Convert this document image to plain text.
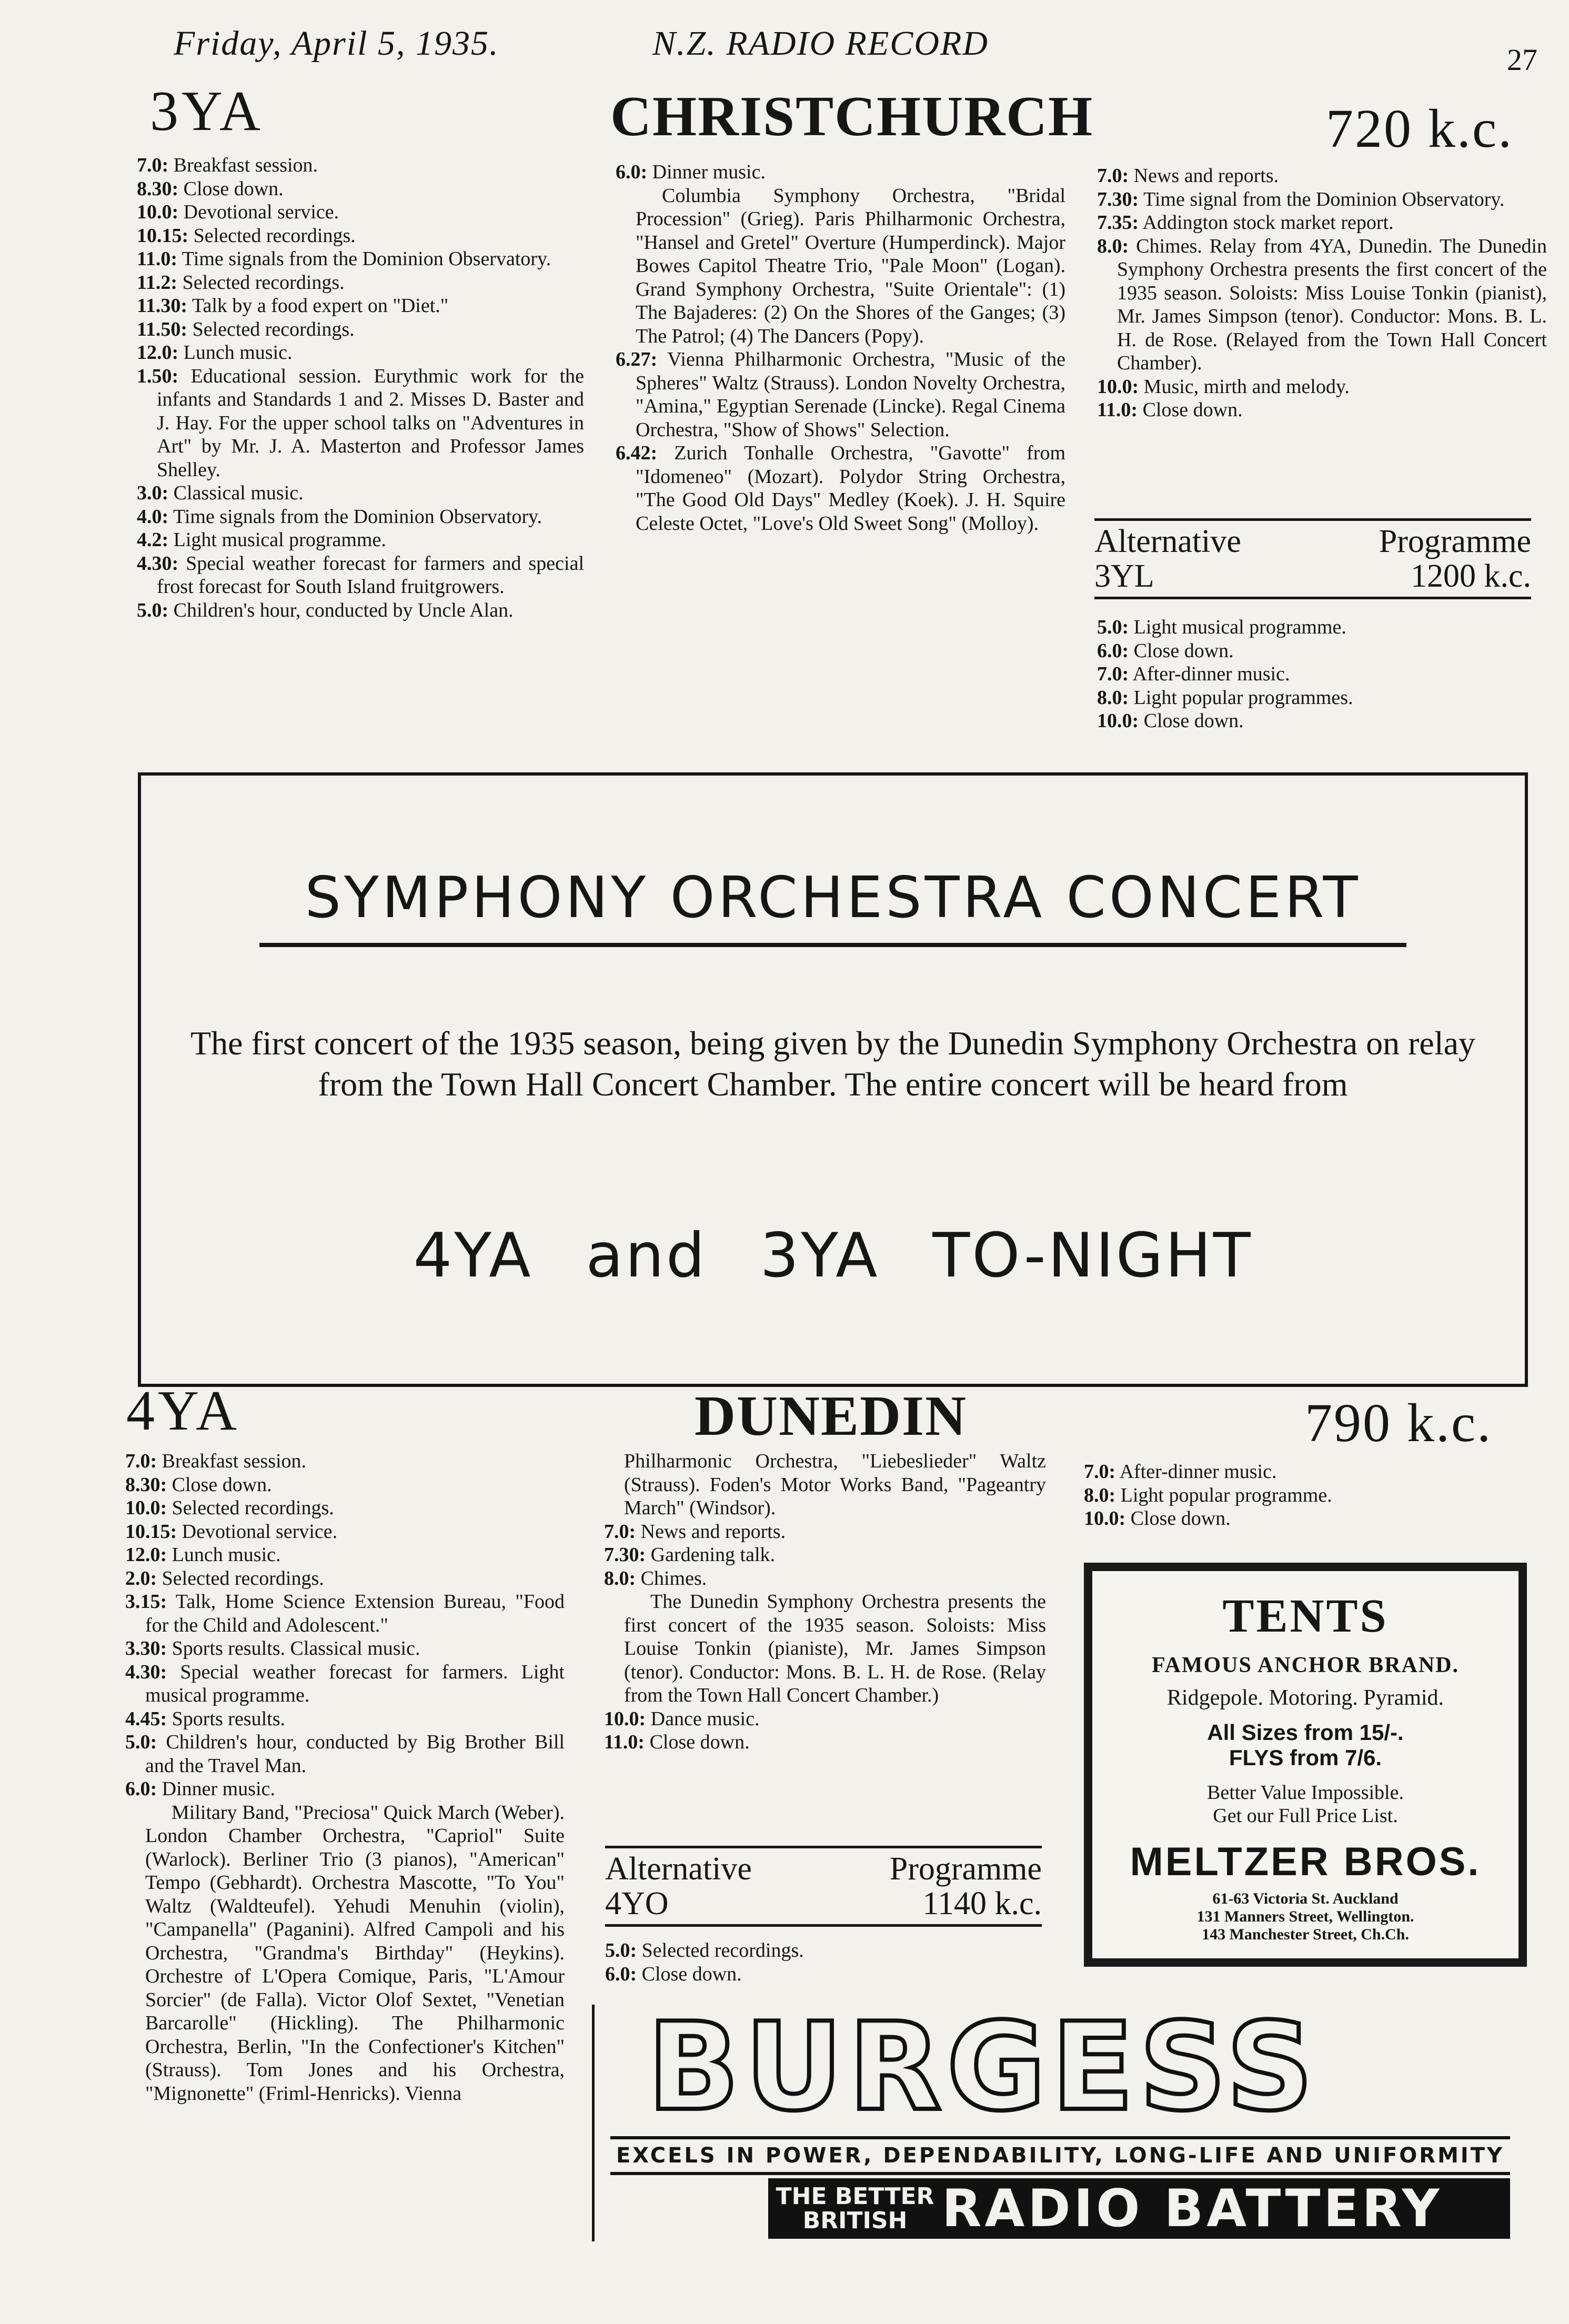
Friday, April 5, 1935.	N.Z. RADIO RECORD	27
3YA	CHRISTCHURCH	720 k.c.

7.0: Breakfast session.

8.30: Close down.

10.0: Devotional service.

10.15: Selected recordings.

11.0: Time signals from the Dominion Observatory.

11.2: Selected recordings.

11.30: Talk by a food expert on "Diet."

11.50: Selected recordings.

12.0: Lunch music.

1.50: Educational session. Eurythmic work for the infants and Standards 1 and 2. Misses D. Baster and J. Hay. For the upper school talks on "Adventures in Art" by Mr. J. A. Masterton and Professor James Shelley.

3.0: Classical music.

4.0: Time signals from the Dominion Observatory.

4.2: Light musical programme.

4.30: Special weather forecast for farmers and special frost forecast for South Island fruitgrowers.

5.0: Children's hour, conducted by Uncle Alan.

6.0: Dinner music.

Columbia Symphony Orchestra, "Bridal Procession" (Grieg). Paris Philharmonic Orchestra, "Hansel and Gretel" Overture (Humperdinck). Major Bowes Capitol Theatre Trio, "Pale Moon" (Logan). Grand Symphony Orchestra, "Suite Orientale": (1) The Bajaderes: (2) On the Shores of the Ganges; (3) The Patrol; (4) The Dancers (Popy).

6.27: Vienna Philharmonic Orchestra, "Music of the Spheres" Waltz (Strauss). London Novelty Orchestra, "Amina," Egyptian Serenade (Lincke). Regal Cinema Orchestra, "Show of Shows" Selection.

6.42: Zurich Tonhalle Orchestra, "Gavotte" from "Idomeneo" (Mozart). Polydor String Orchestra, "The Good Old Days" Medley (Koek). J. H. Squire Celeste Octet, "Love's Old Sweet Song" (Molloy).

7.0: News and reports.

7.30: Time signal from the Dominion Observatory.

7.35: Addington stock market report.

8.0: Chimes. Relay from 4YA, Dunedin. The Dunedin Symphony Orchestra presents the first concert of the 1935 season. Soloists: Miss Louise Tonkin (pianist), Mr. James Simpson (tenor). Conductor: Mons. B. L. H. de Rose. (Relayed from the Town Hall Concert Chamber).

10.0: Music, mirth and melody.

11.0: Close down.

Alternative	Programme
3YL	1200 k.c.

5.0: Light musical programme.

6.0: Close down.

7.0: After-dinner music.

8.0: Light popular programmes.

10.0: Close down.

SYMPHONY ORCHESTRA CONCERT
The first concert of the 1935 season, being given by the Dunedin Symphony Orchestra on relay from the Town Hall Concert Chamber. The entire concert will be heard from
4YA and 3YA TO-NIGHT
4YA	DUNEDIN	790 k.c.

7.0: Breakfast session.

8.30: Close down.

10.0: Selected recordings.

10.15: Devotional service.

12.0: Lunch music.

2.0: Selected recordings.

3.15: Talk, Home Science Extension Bureau, "Food for the Child and Adolescent."

3.30: Sports results. Classical music.

4.30: Special weather forecast for farmers. Light musical programme.

4.45: Sports results.

5.0: Children's hour, conducted by Big Brother Bill and the Travel Man.

6.0: Dinner music.

Military Band, "Preciosa" Quick March (Weber). London Chamber Orchestra, "Capriol" Suite (Warlock). Berliner Trio (3 pianos), "American" Tempo (Gebhardt). Orchestra Mascotte, "To You" Waltz (Waldteufel). Yehudi Menuhin (violin), "Campanella" (Paganini). Alfred Campoli and his Orchestra, "Grandma's Birthday" (Heykins). Orchestre of L'Opera Comique, Paris, "L'Amour Sorcier" (de Falla). Victor Olof Sextet, "Venetian Barcarolle" (Hickling). The Philharmonic Orchestra, Berlin, "In the Confectioner's Kitchen" (Strauss). Tom Jones and his Orchestra, "Mignonette" (Friml-Henricks). Vienna

Philharmonic Orchestra, "Liebeslieder" Waltz (Strauss). Foden's Motor Works Band, "Pageantry March" (Windsor).

7.0: News and reports.

7.30: Gardening talk.

8.0: Chimes.

The Dunedin Symphony Orchestra presents the first concert of the 1935 season. Soloists: Miss Louise Tonkin (pianiste), Mr. James Simpson (tenor). Conductor: Mons. B. L. H. de Rose. (Relay from the Town Hall Concert Chamber.)

10.0: Dance music.

11.0: Close down.

7.0: After-dinner music.

8.0: Light popular programme.

10.0: Close down.

Alternative	Programme
4YO	1140 k.c.

5.0: Selected recordings.

6.0: Close down.

TENTS
FAMOUS ANCHOR BRAND.
Ridgepole. Motoring. Pyramid.
All Sizes from 15/-.
FLYS from 7/6.
Better Value Impossible.
Get our Full Price List.
MELTZER BROS.
61-63 Victoria St. Auckland
131 Manners Street, Wellington.
143 Manchester Street, Ch.Ch.
BURGESS
EXCELS IN POWER, DEPENDABILITY, LONG-LIFE AND UNIFORMITY
THE BETTER
BRITISH RADIO BATTERY
